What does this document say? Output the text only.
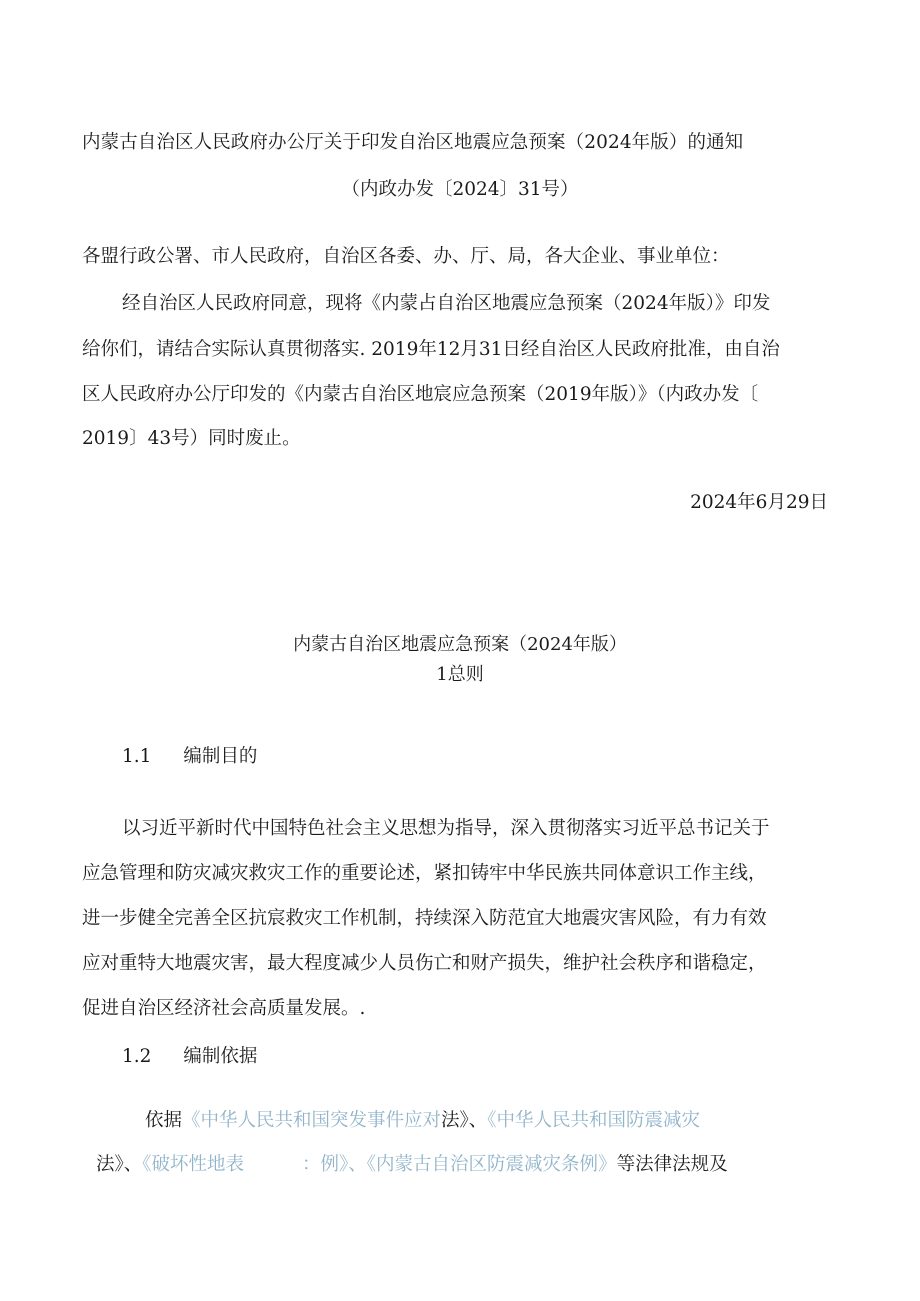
内蒙古自治区人民政府办公厅关于印发自治区地震应急预案（2024年版）的通知
（内政办发〔2024〕31号）
各盟行政公署、市人民政府，自治区各委、办、厅、局，各大企业、事业单位：
经自治区人民政府同意，现将《内蒙占自治区地震应急预案（2024年版）》印发
给你们，请结合实际认真贯彻落实. 2019年12月31日经自治区人民政府批准，由自治
区人民政府办公厅印发的《内蒙古自治区地宸应急预案（2019年版）》（内政办发〔
2019〕43号）同时废止。
2024年6月29日
内蒙古自治区地震应急预案（2024年版）
1总则
1.1 编制目的
以习近平新时代中国特色社会主义思想为指导，深入贯彻落实习近平总书记关于
应急管理和防灾减灾救灾工作的重要论述，紧扣铸牢中华民族共同体意识工作主线，
进一步健全完善全区抗宸救灾工作机制，持续深入防范宜大地震灾害风险，有力有效
应对重特大地震灾害，最大程度减少人员伤亡和财产损失，维护社会秩序和谐稳定，
促进自治区经济社会高质量发展。.
1.2 编制依据
依据《中华人民共和国突发事件应对法》、《中华人民共和国防震减灾
法》、《破坏性地表	：例》、《内蒙古自治区防震减灾条例》等法律法规及
